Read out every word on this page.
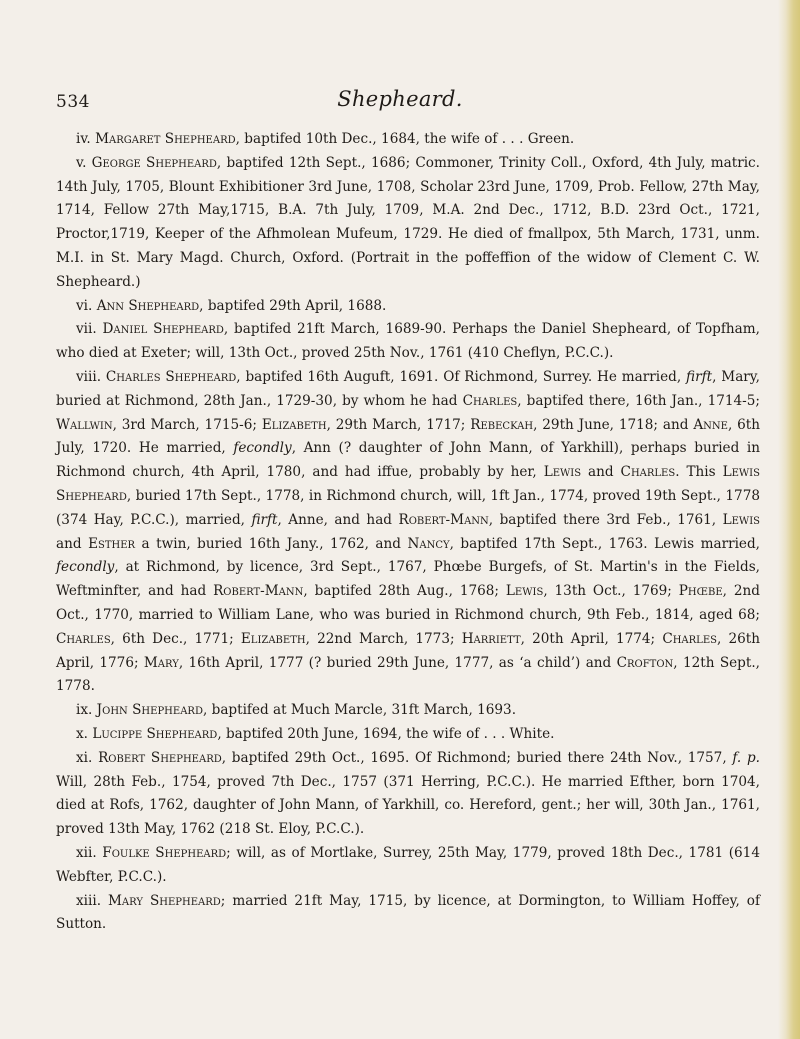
534	Shepheard.

iv. Margaret Shepheard, baptifed 10th Dec., 1684, the wife of . . . Green.

v. George Shepheard, baptifed 12th Sept., 1686; Commoner, Trinity Coll., Oxford, 4th July, matric. 14th July, 1705, Blount Exhibitioner 3rd June, 1708, Scholar 23rd June, 1709, Prob. Fellow, 27th May, 1714, Fellow 27th May,1715, B.A. 7th July, 1709, M.A. 2nd Dec., 1712, B.D. 23rd Oct., 1721, Proctor,1719, Keeper of the Afhmolean Mufeum, 1729. He died of fmallpox, 5th March, 1731, unm. M.I. in St. Mary Magd. Church, Oxford. (Portrait in the poffeffion of the widow of Clement C. W. Shepheard.)

vi. Ann Shepheard, baptifed 29th April, 1688.

vii. Daniel Shepheard, baptifed 21ft March, 1689-90. Perhaps the Daniel Shepheard, of Topfham, who died at Exeter; will, 13th Oct., proved 25th Nov., 1761 (410 Cheflyn, P.C.C.).

viii. Charles Shepheard, baptifed 16th Auguft, 1691. Of Richmond, Surrey. He married, firft, Mary, buried at Richmond, 28th Jan., 1729-30, by whom he had Charles, baptifed there, 16th Jan., 1714-5; Wallwin, 3rd March, 1715-6; Elizabeth, 29th March, 1717; Rebeckah, 29th June, 1718; and Anne, 6th July, 1720. He married, fecondly, Ann (? daughter of John Mann, of Yarkhill), perhaps buried in Richmond church, 4th April, 1780, and had iffue, probably by her, Lewis and Charles. This Lewis Shepheard, buried 17th Sept., 1778, in Richmond church, will, 1ft Jan., 1774, proved 19th Sept., 1778 (374 Hay, P.C.C.), married, firft, Anne, and had Robert-Mann, baptifed there 3rd Feb., 1761, Lewis and Esther a twin, buried 16th Jany., 1762, and Nancy, baptifed 17th Sept., 1763. Lewis married, fecondly, at Richmond, by licence, 3rd Sept., 1767, Phœbe Burgefs, of St. Martin's in the Fields, Weftminfter, and had Robert-Mann, baptifed 28th Aug., 1768; Lewis, 13th Oct., 1769; Phœbe, 2nd Oct., 1770, married to William Lane, who was buried in Richmond church, 9th Feb., 1814, aged 68; Charles, 6th Dec., 1771; Elizabeth, 22nd March, 1773; Harriett, 20th April, 1774; Charles, 26th April, 1776; Mary, 16th April, 1777 (? buried 29th June, 1777, as ‘a child’) and Crofton, 12th Sept., 1778.

ix. John Shepheard, baptifed at Much Marcle, 31ft March, 1693.

x. Lucippe Shepheard, baptifed 20th June, 1694, the wife of . . . White.

xi. Robert Shepheard, baptifed 29th Oct., 1695. Of Richmond; buried there 24th Nov., 1757, f. p. Will, 28th Feb., 1754, proved 7th Dec., 1757 (371 Herring, P.C.C.). He married Efther, born 1704, died at Rofs, 1762, daughter of John Mann, of Yarkhill, co. Hereford, gent.; her will, 30th Jan., 1761, proved 13th May, 1762 (218 St. Eloy, P.C.C.).

xii. Foulke Shepheard; will, as of Mortlake, Surrey, 25th May, 1779, proved 18th Dec., 1781 (614 Webfter, P.C.C.).

xiii. Mary Shepheard; married 21ft May, 1715, by licence, at Dormington, to William Hoffey, of Sutton.
